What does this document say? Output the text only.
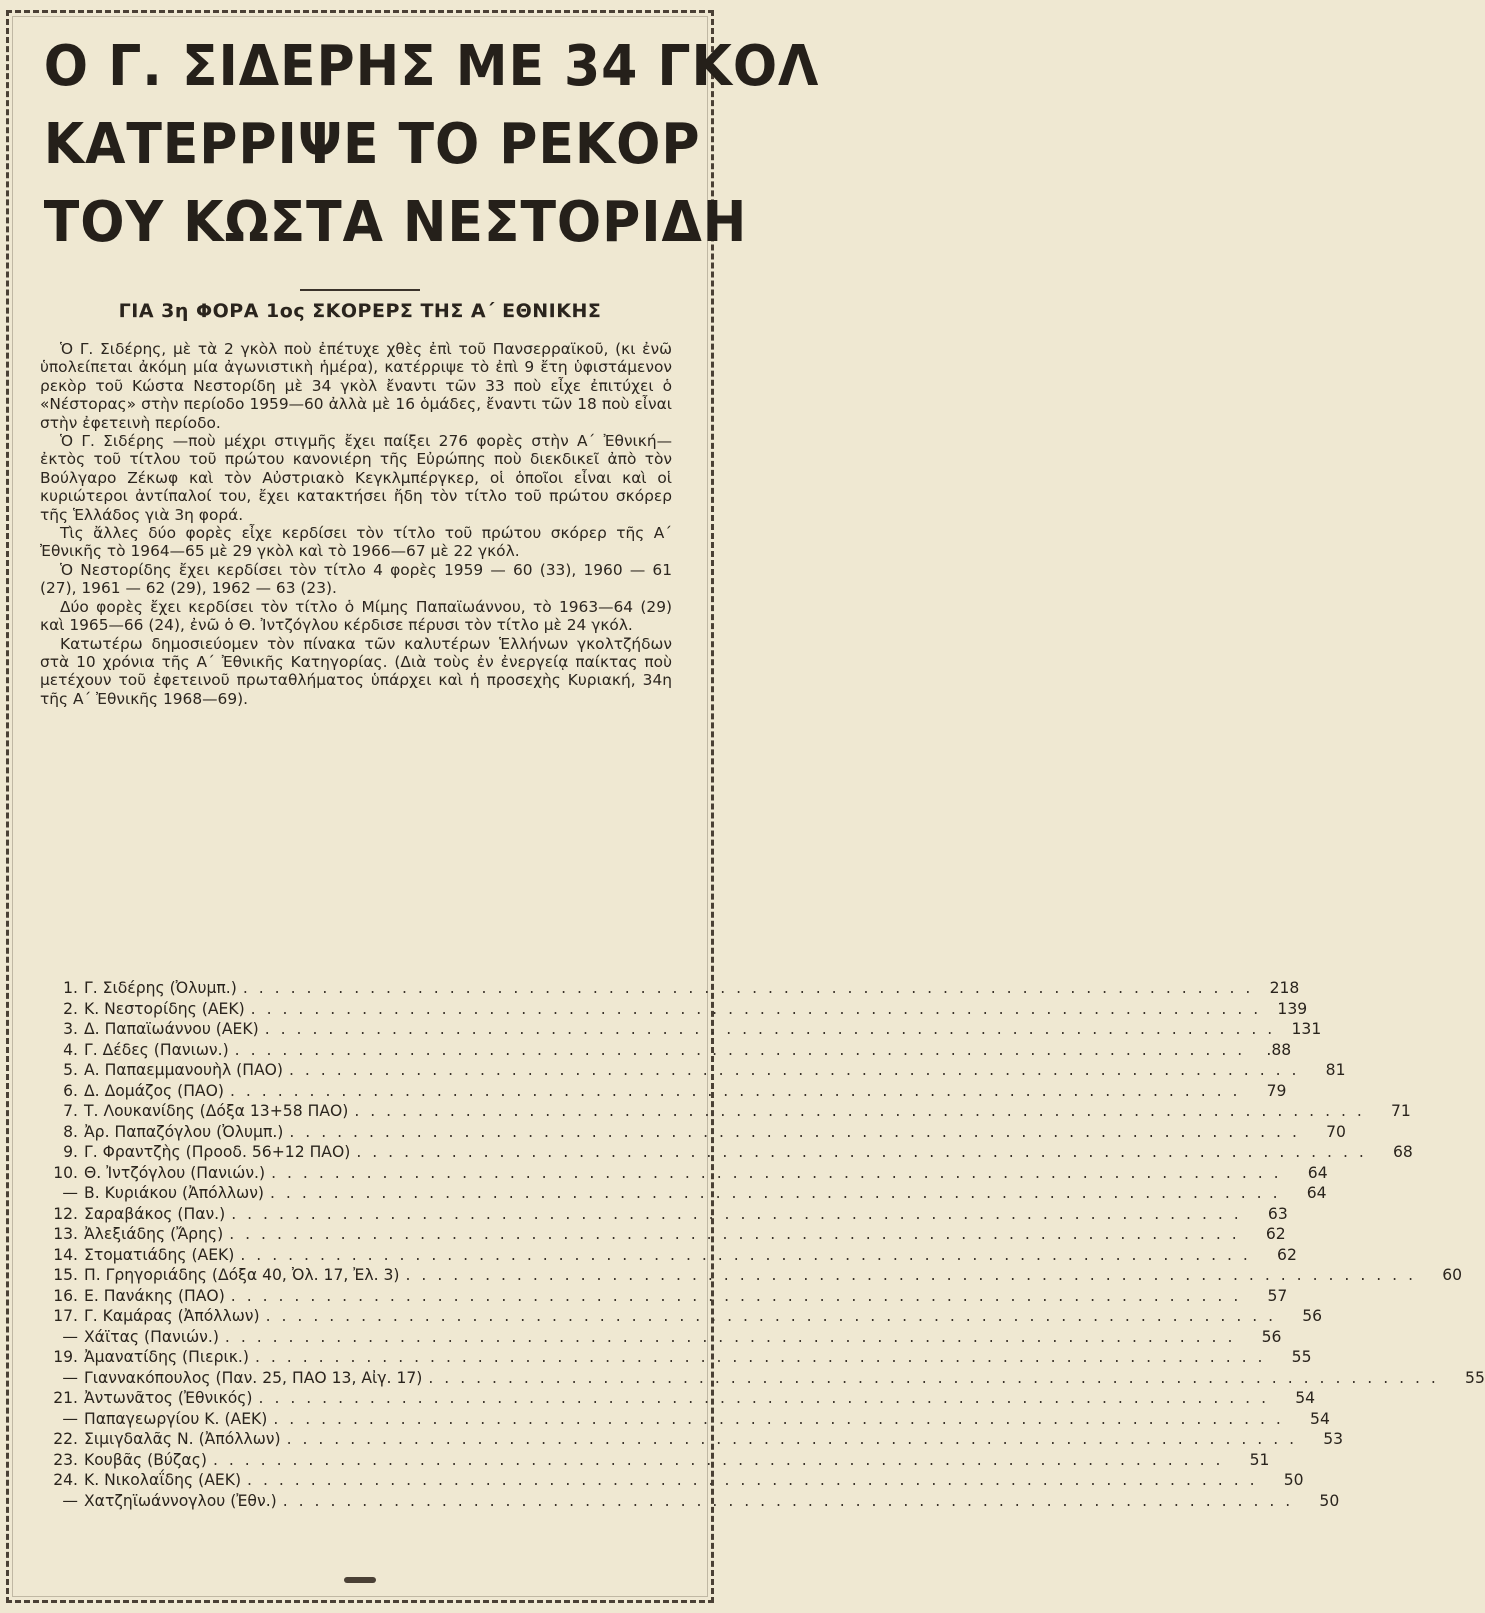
Ο Γ. ΣΙΔΕΡΗΣ ΜΕ 34 ΓΚΟΛ
ΚΑΤΕΡΡΙΨΕ ΤΟ ΡΕΚΟΡ
ΤΟΥ ΚΩΣΤΑ ΝΕΣΤΟΡΙΔΗ
ΓΙΑ 3η ΦΟΡΑ 1ος ΣΚΟΡΕΡΣ ΤΗΣ Α΄ ΕΘΝΙΚΗΣ

Ὁ Γ. Σιδέρης, μὲ τὰ 2 γκὸλ ποὺ ἐπέτυχε χθὲς ἐπὶ τοῦ Πανσερραϊκοῦ, (κι ἐνῶ ὑπολείπεται ἀκόμη μία ἀγωνιστικὴ ἡμέρα), κατέρριψε τὸ ἐπὶ 9 ἔτη ὑφιστάμενον ρεκὸρ τοῦ Κώστα Νεστορίδη μὲ 34 γκὸλ ἔναντι τῶν 33 ποὺ εἶχε ἐπιτύχει ὁ «Νέστορας» στὴν περίοδο 1959—60 ἀλλὰ μὲ 16 ὁμάδες, ἔναντι τῶν 18 ποὺ εἶναι στὴν ἐφετεινὴ περίοδο.

Ὁ Γ. Σιδέρης —ποὺ μέχρι στιγμῆς ἔχει παίξει 276 φορὲς στὴν Α΄ Ἐθνική— ἐκτὸς τοῦ τίτλου τοῦ πρώτου κανονιέρη τῆς Εὐρώπης ποὺ διεκδικεῖ ἀπὸ τὸν Βούλγαρο Ζέκωφ καὶ τὸν Αὐστριακὸ Κεγκλμπέργκερ, οἱ ὁποῖοι εἶναι καὶ οἱ κυριώτεροι ἀντίπαλοί του, ἔχει κατακτήσει ἤδη τὸν τίτλο τοῦ πρώτου σκόρερ τῆς Ἑλλάδος γιὰ 3η φορά.

Τὶς ἄλλες δύο φορὲς εἶχε κερδίσει τὸν τίτλο τοῦ πρώτου σκόρερ τῆς Α΄ Ἐθνικῆς τὸ 1964—65 μὲ 29 γκὸλ καὶ τὸ 1966—67 μὲ 22 γκόλ.

Ὁ Νεστορίδης ἔχει κερδίσει τὸν τίτλο 4 φορὲς 1959 — 60 (33), 1960 — 61 (27), 1961 — 62 (29), 1962 — 63 (23).

Δύο φορὲς ἔχει κερδίσει τὸν τίτλο ὁ Μίμης Παπαϊωάννου, τὸ 1963—64 (29) καὶ 1965—66 (24), ἐνῶ ὁ Θ. Ἰντζόγλου κέρδισε πέρυσι τὸν τίτλο μὲ 24 γκόλ.

Κατωτέρω δημοσιεύομεν τὸν πίνακα τῶν καλυτέρων Ἑλλήνων γκολτζήδων στὰ 10 χρόνια τῆς Α΄ Ἐθνικῆς Κατηγορίας. (Διὰ τοὺς ἐν ἐνεργείᾳ παίκτας ποὺ μετέχουν τοῦ ἐφετεινοῦ πρωταθλήματος ὑπάρχει καὶ ἡ προσεχὴς Κυριακή, 34η τῆς Α΄ Ἐθνικῆς 1968—69).

1. Γ. Σιδέρης (Ὀλυμπ.) . . .	218
2. Κ. Νεστορίδης (ΑΕΚ) . . .	139
3. Δ. Παπαϊωάννου (ΑΕΚ) . . .	131
4. Γ. Δέδες (Πανιων.) . . .	.88
5. Α. Παπαεμμανουὴλ (ΠΑΟ) . . .	81
6. Δ. Δομάζος (ΠΑΟ) . . .	79
7. Τ. Λουκανίδης (Δόξα 13+58 ΠΑΟ) . . .	71
8. Ἀρ. Παπαζόγλου (Ὀλυμπ.) . . .	70
9. Γ. Φραντζὴς (Προοδ. 56+12 ΠΑΟ) . . .	68
10. Θ. Ἰντζόγλου (Πανιών.) . . .	64
— Β. Κυριάκου (Ἀπόλλων) . . .	64
12. Σαραβάκος (Παν.) . . .	63
13. Ἀλεξιάδης (Ἄρης) . . .	62
14. Στοματιάδης (ΑΕΚ) . . .	62
15. Π. Γρηγοριάδης (Δόξα 40, Ὀλ. 17, Ἐλ. 3) . . .	60
16. Ε. Πανάκης (ΠΑΟ) . . .	57
17. Γ. Καμάρας (Ἀπόλλων) . . .	56
— Χάϊτας (Πανιών.) . . .	56
19. Ἀμανατίδης (Πιερικ.) . . .	55
— Γιαννακόπουλος (Παν. 25, ΠΑΟ 13, Αἰγ. 17) . . .	55
21. Ἀντωνᾶτος (Ἐθνικός) . . .	54
— Παπαγεωργίου Κ. (ΑΕΚ) . . .	54
22. Σιμιγδαλᾶς Ν. (Ἀπόλλων) . . .	53
23. Κουβᾶς (Βύζας) . . .	51
24. Κ. Νικολαΐδης (ΑΕΚ) . . .	50
— Χατζηϊωάννογλου (Ἐθν.) . . .	50
